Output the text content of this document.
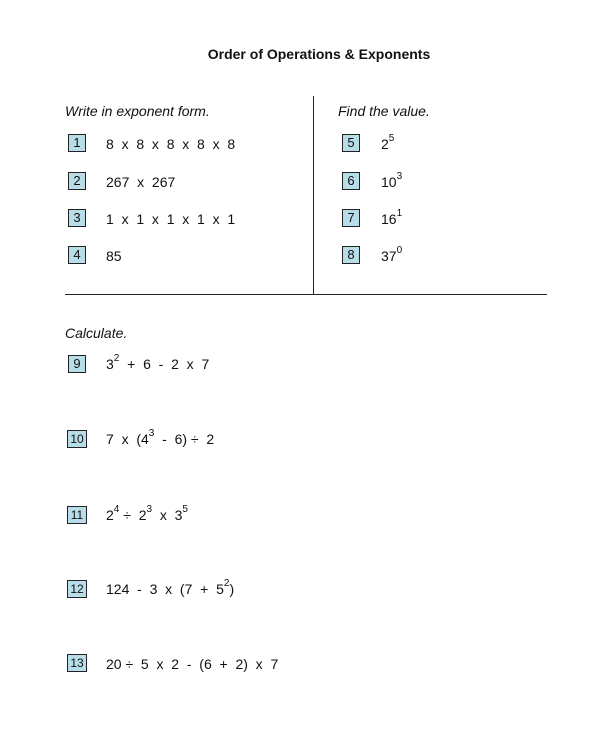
Order of Operations & Exponents
Write in exponent form.	Find the value.
1	8  x  8  x  8  x  8  x  8
2	267  x  267
3	1  x  1  x  1  x  1  x  1
4	85
5	$2^5$
6	$10^3$
7	$16^1$
8	$37^0$
Calculate.
9	$3^2 + 6 - 2$  x  7
10 7  x  $(4^3 - 6) \div 2$
11 $2^4 \div 2^3$  x  $3^5$
12 124  -  3  x  $(7 + 5^2)$
13 20 ÷  5  x  2  -  (6  +  2)  x  7
